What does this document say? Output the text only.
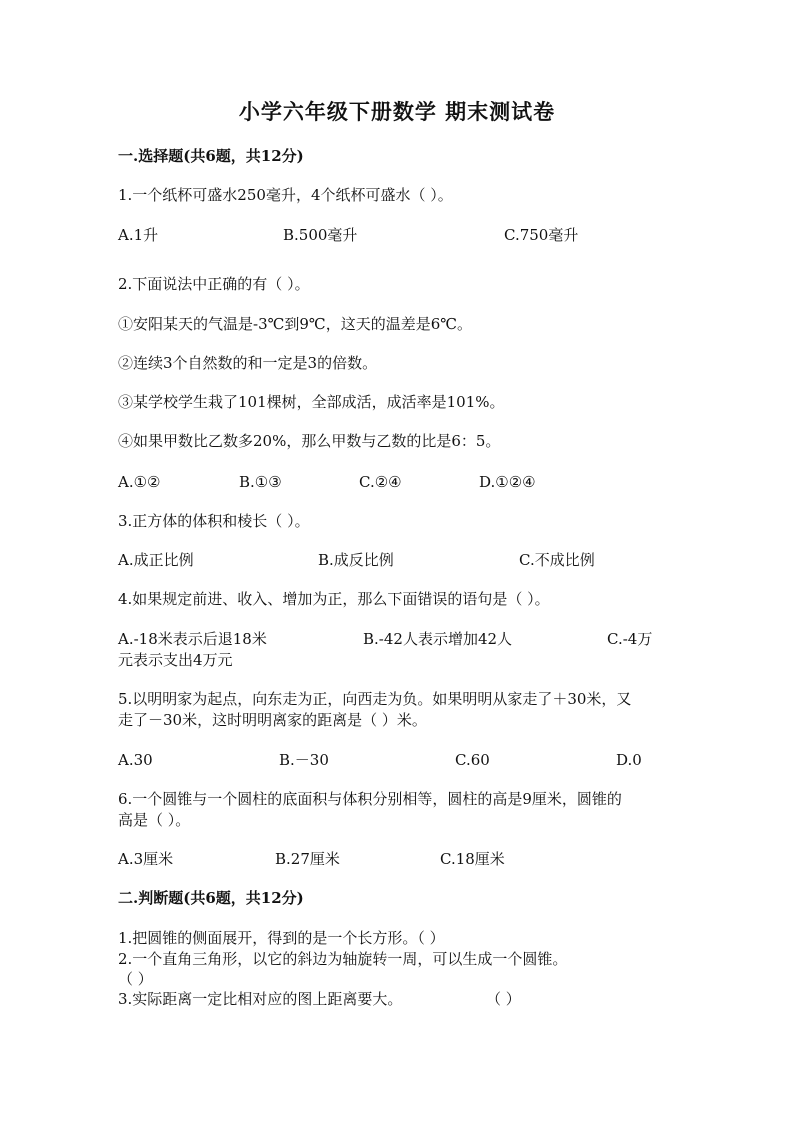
小学六年级下册数学 期末测试卷
一.选择题(共6题，共12分)
1.一个纸杯可盛水250毫升，4个纸杯可盛水（ ）。
A.1升	B.500毫升	C.750毫升
2.下面说法中正确的有（ ）。
①安阳某天的气温是-3℃到9℃，这天的温差是6℃。
②连续3个自然数的和一定是3的倍数。
③某学校学生栽了101棵树，全部成活，成活率是101%。
④如果甲数比乙数多20%，那么甲数与乙数的比是6：5。
A.①②	B.①③	C.②④	D.①②④
3.正方体的体积和棱长（ ）。
A.成正比例	B.成反比例	C.不成比例
4.如果规定前进、收入、增加为正，那么下面错误的语句是（ ）。
A.-18米表示后退18米	B.-42人表示增加42人	C.-4万
元表示支出4万元
5.以明明家为起点，向东走为正，向西走为负。如果明明从家走了＋30米，又
走了－30米，这时明明离家的距离是（ ）米。
A.30	B.－30	C.60	D.0
6.一个圆锥与一个圆柱的底面积与体积分别相等，圆柱的高是9厘米，圆锥的
高是（ ）。
A.3厘米	B.27厘米	C.18厘米
二.判断题(共6题，共12分)
1.把圆锥的侧面展开，得到的是一个长方形。（ ）
2.一个直角三角形，以它的斜边为轴旋转一周，可以生成一个圆锥。
（ ）
3.实际距离一定比相对应的图上距离要大。	（ ）
